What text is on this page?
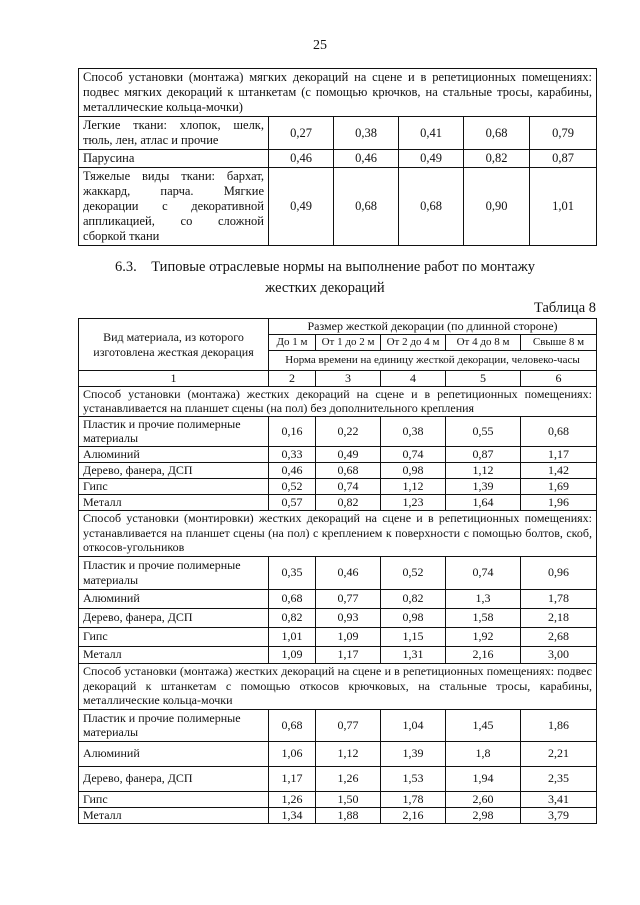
25
Способ установки (монтажа) мягких декораций на сцене и в репетиционных помещениях: подвес мягких декораций к штанкетам (с помощью крючков, на стальные тросы, карабины, металлические кольца-мочки)					
Легкие ткани: хлопок, шелк, тюль, лен, атлас и прочие	0,27	0,38	0,41	0,68	0,79
Парусина	0,46	0,46	0,49	0,82	0,87
Тяжелые виды ткани: бархат, жаккард, парча. Мягкие декорации с декоративной аппликацией, со сложной сборкой ткани	0,49	0,68	0,68	0,90	1,01
6.3. Типовые отраслевые нормы на выполнение работ по монтажу жестких декораций
Таблица 8
Вид материала, из которого изготовлена жесткая декорация	Размер жесткой декорации (по длинной стороне)				
	До 1 м	От 1 до 2 м	От 2 до 4 м	От 4 до 8 м	Свыше 8 м
	Норма времени на единицу жесткой декорации, человеко-часы				
1	2	3	4	5	6
Способ установки (монтажа) жестких декораций на сцене и в репетиционных помещениях: устанавливается на планшет сцены (на пол) без дополнительного крепления					
Пластик и прочие полимерные материалы	0,16	0,22	0,38	0,55	0,68
Алюминий	0,33	0,49	0,74	0,87	1,17
Дерево, фанера, ДСП	0,46	0,68	0,98	1,12	1,42
Гипс	0,52	0,74	1,12	1,39	1,69
Металл	0,57	0,82	1,23	1,64	1,96
Способ установки (монтировки) жестких декораций на сцене и в репетиционных помещениях: устанавливается на планшет сцены (на пол) с креплением к поверхности с помощью болтов, скоб, откосов-угольников					
Пластик и прочие полимерные материалы	0,35	0,46	0,52	0,74	0,96
Алюминий	0,68	0,77	0,82	1,3	1,78
Дерево, фанера, ДСП	0,82	0,93	0,98	1,58	2,18
Гипс	1,01	1,09	1,15	1,92	2,68
Металл	1,09	1,17	1,31	2,16	3,00
Способ установки (монтажа) жестких декораций на сцене и в репетиционных помещениях: подвес декораций к штанкетам с помощью откосов крючковых, на стальные тросы, карабины, металлические кольца-мочки					
Пластик и прочие полимерные материалы	0,68	0,77	1,04	1,45	1,86
Алюминий	1,06	1,12	1,39	1,8	2,21
Дерево, фанера, ДСП	1,17	1,26	1,53	1,94	2,35
Гипс	1,26	1,50	1,78	2,60	3,41
Металл	1,34	1,88	2,16	2,98	3,79
